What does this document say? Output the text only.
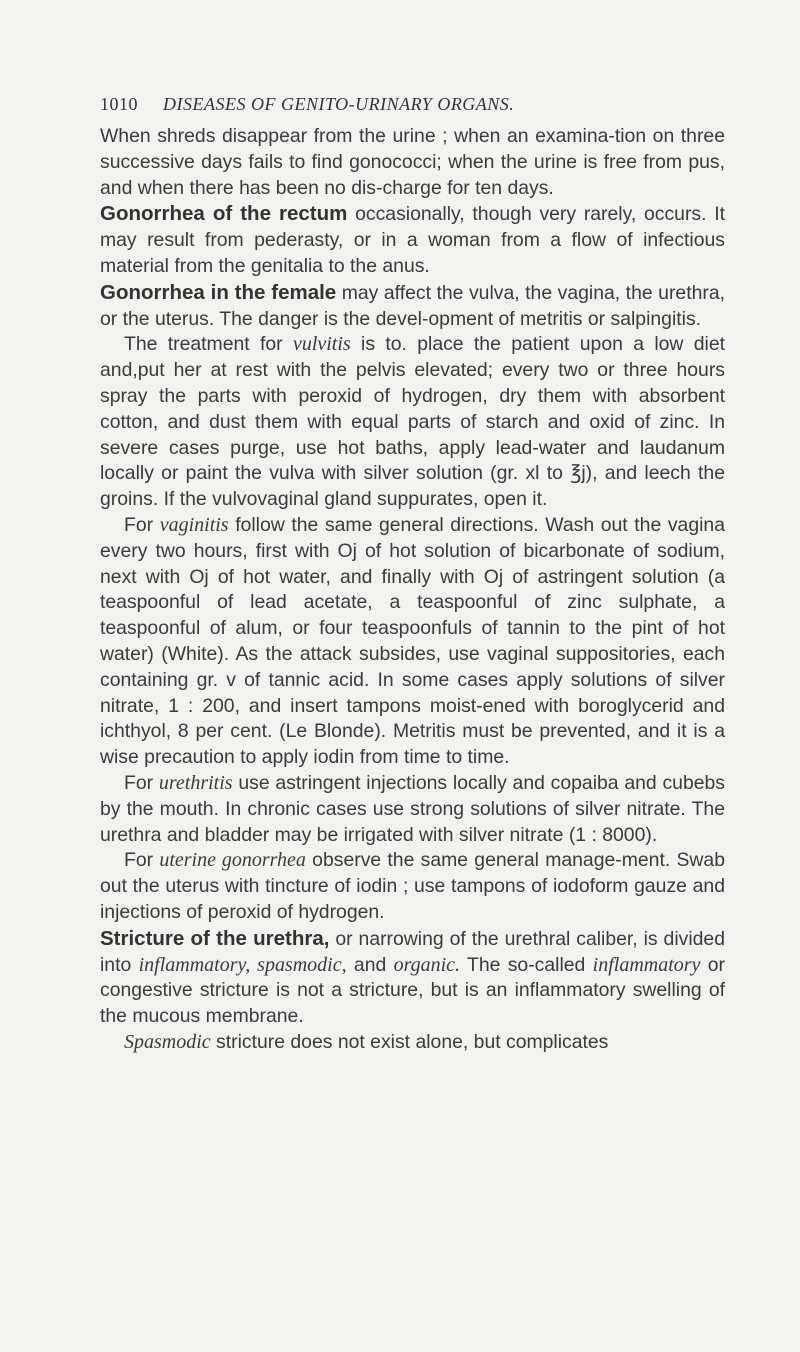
1010 DISEASES OF GENITO-URINARY ORGANS.

When shreds disappear from the urine ; when an examina-tion on three successive days fails to find gonococci; when the urine is free from pus, and when there has been no dis-charge for ten days.

Gonorrhea of the rectum occasionally, though very rarely, occurs. It may result from pederasty, or in a woman from a flow of infectious material from the genitalia to the anus.

Gonorrhea in the female may affect the vulva, the vagina, the urethra, or the uterus. The danger is the devel-opment of metritis or salpingitis.

The treatment for vulvitis is to. place the patient upon a low diet and,put her at rest with the pelvis elevated; every two or three hours spray the parts with peroxid of hydrogen, dry them with absorbent cotton, and dust them with equal parts of starch and oxid of zinc. In severe cases purge, use hot baths, apply lead-water and laudanum locally or paint the vulva with silver solution (gr. xl to ℥j), and leech the groins. If the vulvovaginal gland suppurates, open it.

For vaginitis follow the same general directions. Wash out the vagina every two hours, first with Oj of hot solution of bicarbonate of sodium, next with Oj of hot water, and finally with Oj of astringent solution (a teaspoonful of lead acetate, a teaspoonful of zinc sulphate, a teaspoonful of alum, or four teaspoonfuls of tannin to the pint of hot water) (White). As the attack subsides, use vaginal suppositories, each containing gr. v of tannic acid. In some cases apply solutions of silver nitrate, 1 : 200, and insert tampons moist-ened with boroglycerid and ichthyol, 8 per cent. (Le Blonde). Metritis must be prevented, and it is a wise precaution to apply iodin from time to time.

For urethritis use astringent injections locally and copaiba and cubebs by the mouth. In chronic cases use strong solutions of silver nitrate. The urethra and bladder may be irrigated with silver nitrate (1 : 8000).

For uterine gonorrhea observe the same general manage-ment. Swab out the uterus with tincture of iodin ; use tampons of iodoform gauze and injections of peroxid of hydrogen.

Stricture of the urethra, or narrowing of the urethral caliber, is divided into inflammatory, spasmodic, and organic. The so-called inflammatory or congestive stricture is not a stricture, but is an inflammatory swelling of the mucous membrane.

Spasmodic stricture does not exist alone, but complicates
